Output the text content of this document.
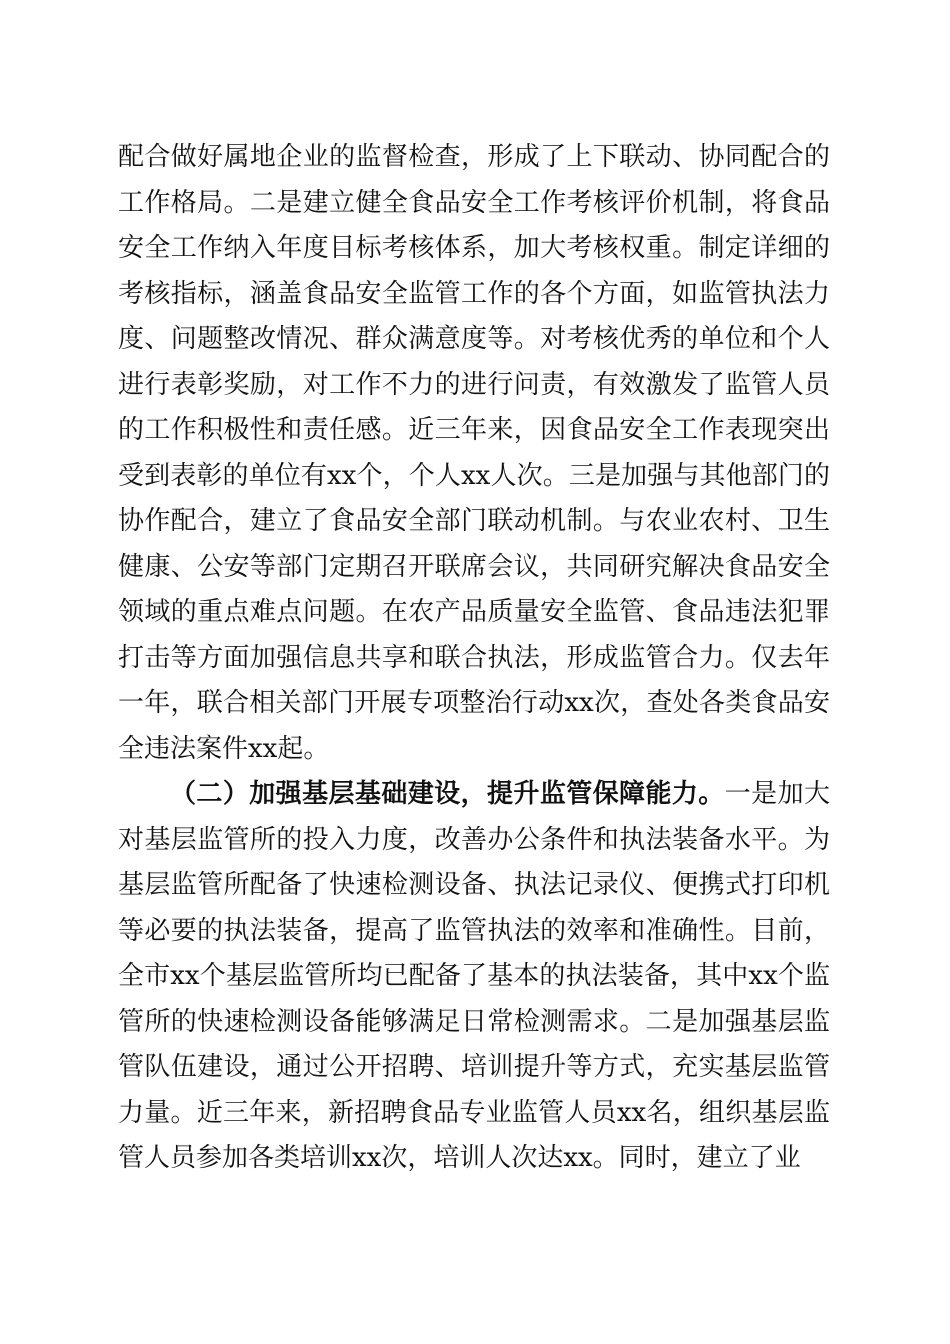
配合做好属地企业的监督检查，形成了上下联动、协同配合的工作格局。二是建立健全食品安全工作考核评价机制，将食品安全工作纳入年度目标考核体系，加大考核权重。制定详细的考核指标，涵盖食品安全监管工作的各个方面，如监管执法力度、问题整改情况、群众满意度等。对考核优秀的单位和个人进行表彰奖励，对工作不力的进行问责，有效激发了监管人员的工作积极性和责任感。近三年来，因食品安全工作表现突出受到表彰的单位有xx个，个人xx人次。三是加强与其他部门的协作配合，建立了食品安全部门联动机制。与农业农村、卫生健康、公安等部门定期召开联席会议，共同研究解决食品安全领域的重点难点问题。在农产品质量安全监管、食品违法犯罪打击等方面加强信息共享和联合执法，形成监管合力。仅去年一年，联合相关部门开展专项整治行动xx次，查处各类食品安全违法案件xx起。

（二）加强基层基础建设，提升监管保障能力。一是加大对基层监管所的投入力度，改善办公条件和执法装备水平。为基层监管所配备了快速检测设备、执法记录仪、便携式打印机等必要的执法装备，提高了监管执法的效率和准确性。目前，全市xx个基层监管所均已配备了基本的执法装备，其中xx个监管所的快速检测设备能够满足日常检测需求。二是加强基层监管队伍建设，通过公开招聘、培训提升等方式，充实基层监管力量。近三年来，新招聘食品专业监管人员xx名，组织基层监管人员参加各类培训xx次，培训人次达xx。同时，建立了业
